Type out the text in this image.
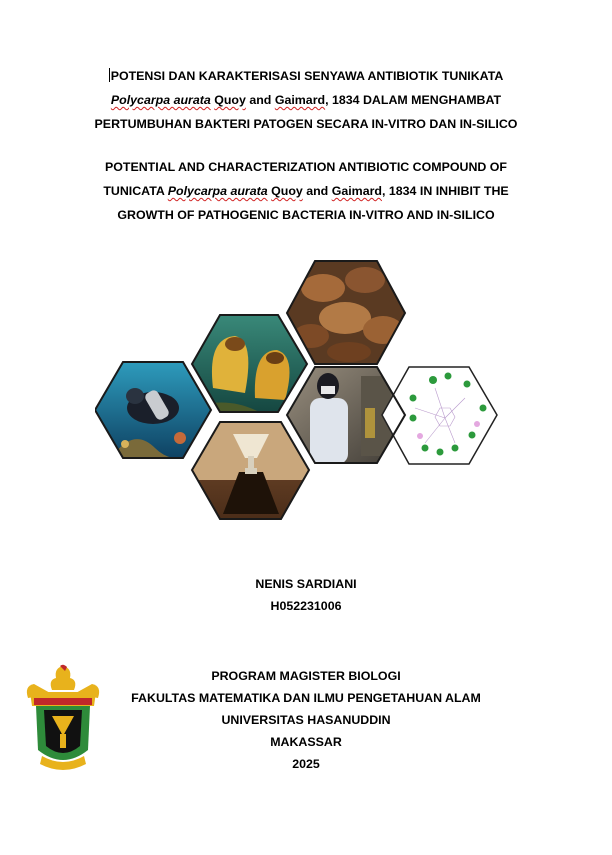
POTENSI DAN KARAKTERISASI SENYAWA ANTIBIOTIK TUNIKATA
Polycarpa aurata Quoy and Gaimard, 1834 DALAM MENGHAMBAT
PERTUMBUHAN BAKTERI PATOGEN SECARA IN-VITRO DAN IN-SILICO
POTENTIAL AND CHARACTERIZATION ANTIBIOTIC COMPOUND OF
TUNICATA Polycarpa aurata Quoy and Gaimard, 1834 IN INHIBIT THE
GROWTH OF PATHOGENIC BACTERIA IN-VITRO AND IN-SILICO
NENIS SARDIANI
H052231006
PROGRAM MAGISTER BIOLOGI
FAKULTAS MATEMATIKA DAN ILMU PENGETAHUAN ALAM
UNIVERSITAS HASANUDDIN
MAKASSAR
2025
